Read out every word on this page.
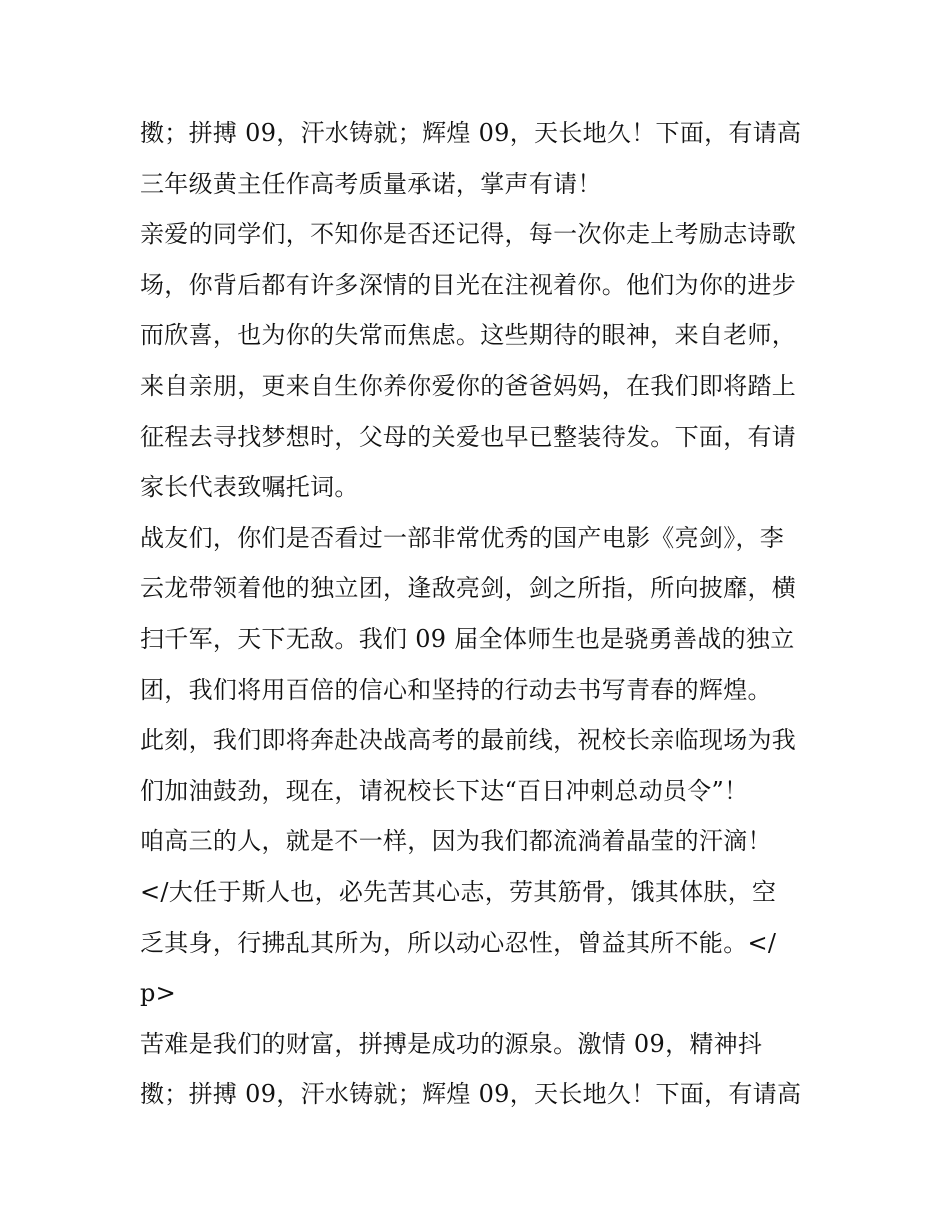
擞；拼搏 09，汗水铸就；辉煌 09，天长地久！下面，有请高
三年级黄主任作高考质量承诺，掌声有请！
亲爱的同学们，不知你是否还记得，每一次你走上考励志诗歌
场，你背后都有许多深情的目光在注视着你。他们为你的进步
而欣喜，也为你的失常而焦虑。这些期待的眼神，来自老师，
来自亲朋，更来自生你养你爱你的爸爸妈妈，在我们即将踏上
征程去寻找梦想时，父母的关爱也早已整装待发。下面，有请
家长代表致嘱托词。
战友们，你们是否看过一部非常优秀的国产电影《亮剑》，李
云龙带领着他的独立团，逢敌亮剑，剑之所指，所向披靡，横
扫千军，天下无敌。我们 09 届全体师生也是骁勇善战的独立
团，我们将用百倍的信心和坚持的行动去书写青春的辉煌。
此刻，我们即将奔赴决战高考的最前线，祝校长亲临现场为我
们加油鼓劲，现在，请祝校长下达“百日冲刺总动员令”！
咱高三的人，就是不一样，因为我们都流淌着晶莹的汗滴！
</大任于斯人也，必先苦其心志，劳其筋骨，饿其体肤，空
乏其身，行拂乱其所为，所以动心忍性，曾益其所不能。</
p>
苦难是我们的财富，拼搏是成功的源泉。激情 09，精神抖
擞；拼搏 09，汗水铸就；辉煌 09，天长地久！下面，有请高
